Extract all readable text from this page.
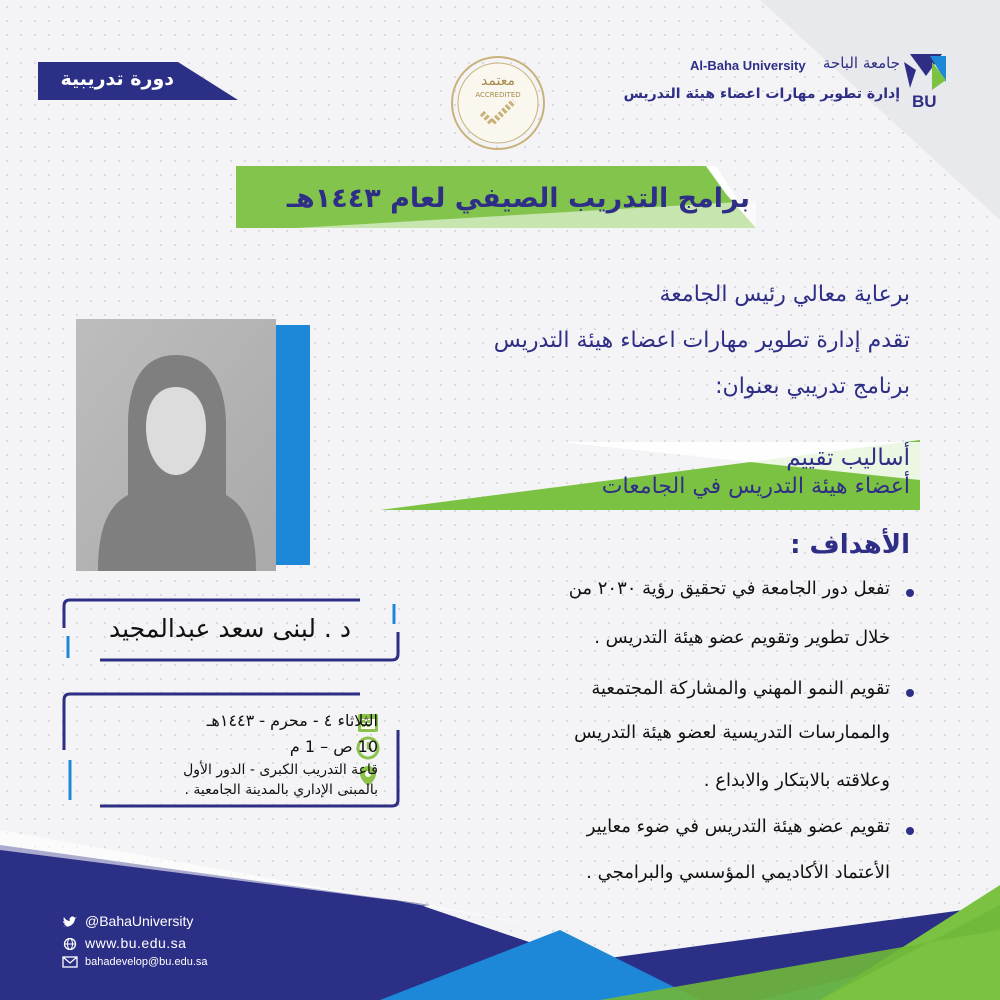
دورة تدريبية	معتمد
ACCREDITED
Al-Baha University	جامعة الباحة
إدارة تطوير مهارات اعضاء هيئة التدريس BU
برامج التدريب الصيفي لعام ١٤٤٣هـ
برعاية معالي رئيس الجامعة
تقدم إدارة تطوير مهارات اعضاء هيئة التدريس
برنامج تدريبي بعنوان:
أساليب تقييم
أعضاء هيئة التدريس في الجامعات
د . لبنى سعد عبدالمجيد
الثلاثاء ٤ - محرم - ١٤٤٣هـ
10 ص – 1 م
قاعة التدريب الكبرى - الدور الأول
بالمبنى الإداري بالمدينة الجامعية .
الأهداف :
تفعل دور الجامعة في تحقيق رؤية ٢٠٣٠ من
خلال تطوير وتقويم عضو هيئة التدريس .
تقويم النمو المهني والمشاركة المجتمعية
والممارسات التدريسية لعضو هيئة التدريس
وعلاقته بالابتكار والابداع .
تقويم عضو هيئة التدريس في ضوء معايير
الأعتماد الأكاديمي المؤسسي والبرامجي .
@BahaUniversity
www.bu.edu.sa
bahadevelop@bu.edu.sa
